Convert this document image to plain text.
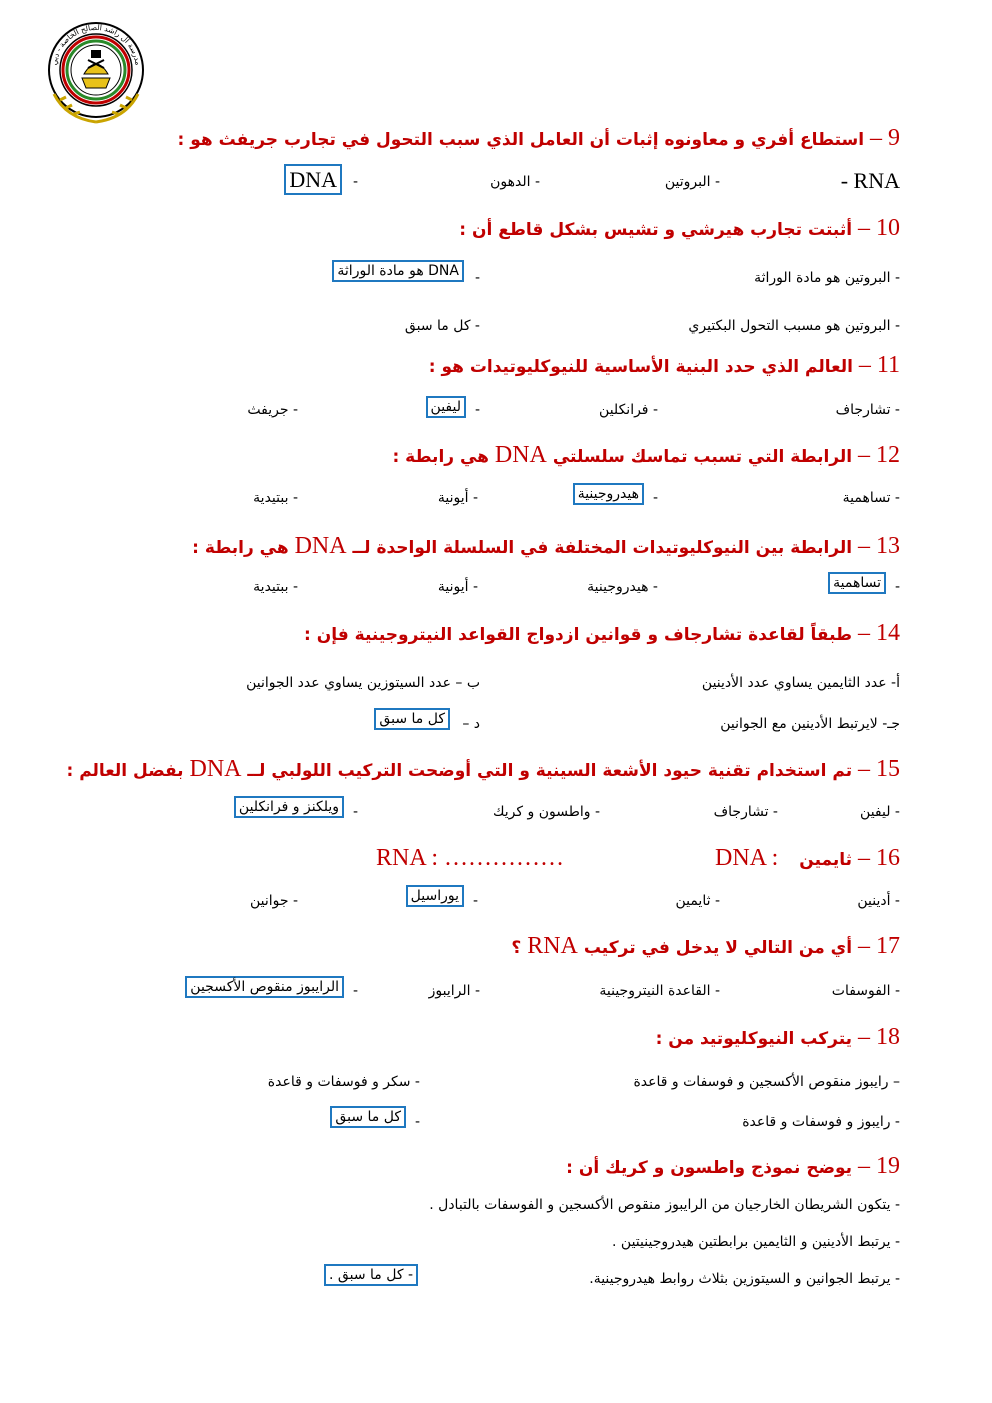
مدرسة آل راشد الصالح الخاصة - دبي
9 – استطاع أفري و معاونوه إثبات أن العامل الذي سبب التحول في تجارب جريفث هو :
RNA -
- البروتين
- الدهون
-
DNA
10 – أثبتت تجارب هيرشي و تشيس بشكل قاطع أن :
- البروتين هو مادة الوراثة
-
DNA هو مادة الوراثة
- البروتين هو مسبب التحول البكتيري
- كل ما سبق
11 – العالم الذي حدد البنية الأساسية للنيوكليوتيدات هو :
- تشارجاف
- فرانكلين
-
ليفين
- جريفث
12 – الرابطة التي تسبب تماسك سلسلتي DNA هي رابطة :
- تساهمية
-
هيدروجينية
- أيونية
- ببتيدية
13 – الرابطة بين النيوكليوتيدات المختلفة في السلسلة الواحدة لــ DNA هي رابطة :
-
تساهمية
- هيدروجينية
- أيونية
- ببتيدية
14 – طبقاً لقاعدة تشارجاف و قوانين ازدواج القواعد النيتروجينية فإن :
أ- عدد الثايمين يساوي عدد الأدينين
ب – عدد السيتوزين يساوي عدد الجوانين
جـ- لايرتبط الأدينين مع الجوانين
د –
كل ما سبق
15 – تم استخدام تقنية حيود الأشعة السينية و التي أوضحت التركيب اللولبي لــ DNA بفضل العالم :
- ليفين
- تشارجاف
- واطسون و كريك
-
ويلكنز و فرانكلين
16 – ثايمين
DNA :
RNA : ……………
- أدينين
- ثايمين
-
يوراسيل
- جوانين
17 – أي من التالي لا يدخل في تركيب RNA ؟
- الفوسفات
- القاعدة النيتروجينية
- الرايبوز
-
الرايبوز منقوص الأكسجين
18 – يتركب النيوكليوتيد من :
– رايبوز منقوص الأكسجين و فوسفات و قاعدة
- سكر و فوسفات و قاعدة
- رايبوز و فوسفات و قاعدة
-
كل ما سبق
19 – يوضح نموذج واطسون و كريك أن :
- يتكون الشريطان الخارجيان من الرايبوز منقوص الأكسجين و الفوسفات بالتبادل .
- يرتبط الأدينين و الثايمين برابطتين هيدروجينيتين .
- يرتبط الجوانين و السيتوزين بثلاث روابط هيدروجينية.
- كل ما سبق .
